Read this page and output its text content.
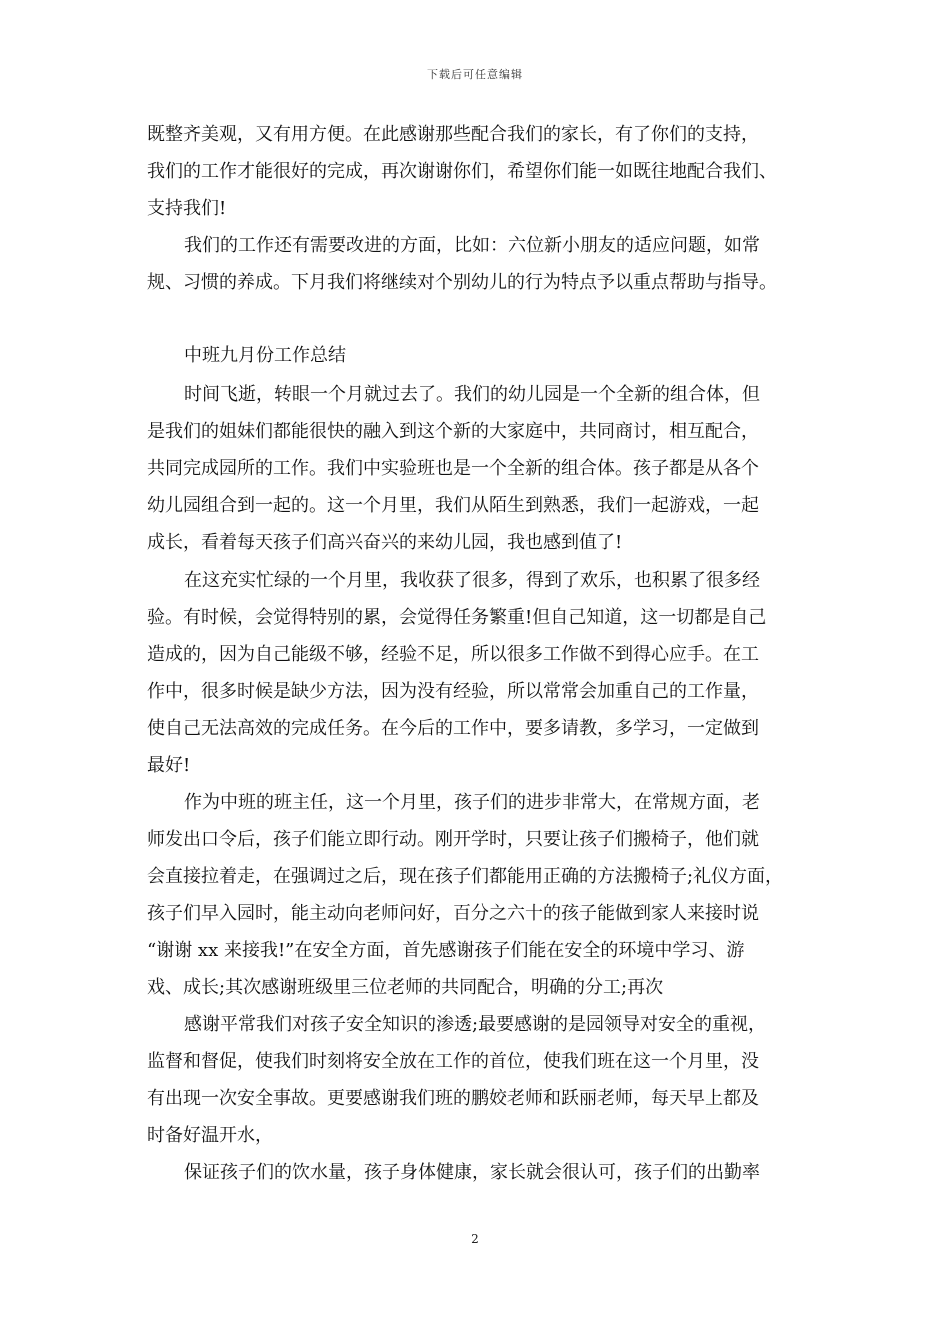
下载后可任意编辑
既整齐美观，又有用方便。在此感谢那些配合我们的家长，有了你们的支持，
我们的工作才能很好的完成，再次谢谢你们，希望你们能一如既往地配合我们、
支持我们!
我们的工作还有需要改进的方面，比如：六位新小朋友的适应问题，如常
规、习惯的养成。下月我们将继续对个别幼儿的行为特点予以重点帮助与指导。
中班九月份工作总结
时间飞逝，转眼一个月就过去了。我们的幼儿园是一个全新的组合体，但
是我们的姐妹们都能很快的融入到这个新的大家庭中，共同商讨，相互配合，
共同完成园所的工作。我们中实验班也是一个全新的组合体。孩子都是从各个
幼儿园组合到一起的。这一个月里，我们从陌生到熟悉，我们一起游戏，一起
成长，看着每天孩子们高兴奋兴的来幼儿园，我也感到值了!
在这充实忙绿的一个月里，我收获了很多，得到了欢乐，也积累了很多经
验。有时候，会觉得特别的累，会觉得任务繁重!但自己知道，这一切都是自己
造成的，因为自己能级不够，经验不足，所以很多工作做不到得心应手。在工
作中，很多时候是缺少方法，因为没有经验，所以常常会加重自己的工作量，
使自己无法高效的完成任务。在今后的工作中，要多请教，多学习，一定做到
最好!
作为中班的班主任，这一个月里，孩子们的进步非常大，在常规方面，老
师发出口令后，孩子们能立即行动。刚开学时，只要让孩子们搬椅子，他们就
会直接拉着走，在强调过之后，现在孩子们都能用正确的方法搬椅子;礼仪方面，
孩子们早入园时，能主动向老师问好，百分之六十的孩子能做到家人来接时说
“谢谢 xx 来接我!”在安全方面，首先感谢孩子们能在安全的环境中学习、游
戏、成长;其次感谢班级里三位老师的共同配合，明确的分工;再次
感谢平常我们对孩子安全知识的渗透;最要感谢的是园领导对安全的重视，
监督和督促，使我们时刻将安全放在工作的首位，使我们班在这一个月里，没
有出现一次安全事故。更要感谢我们班的鹏姣老师和跃丽老师，每天早上都及
时备好温开水，
保证孩子们的饮水量，孩子身体健康，家长就会很认可，孩子们的出勤率
2
